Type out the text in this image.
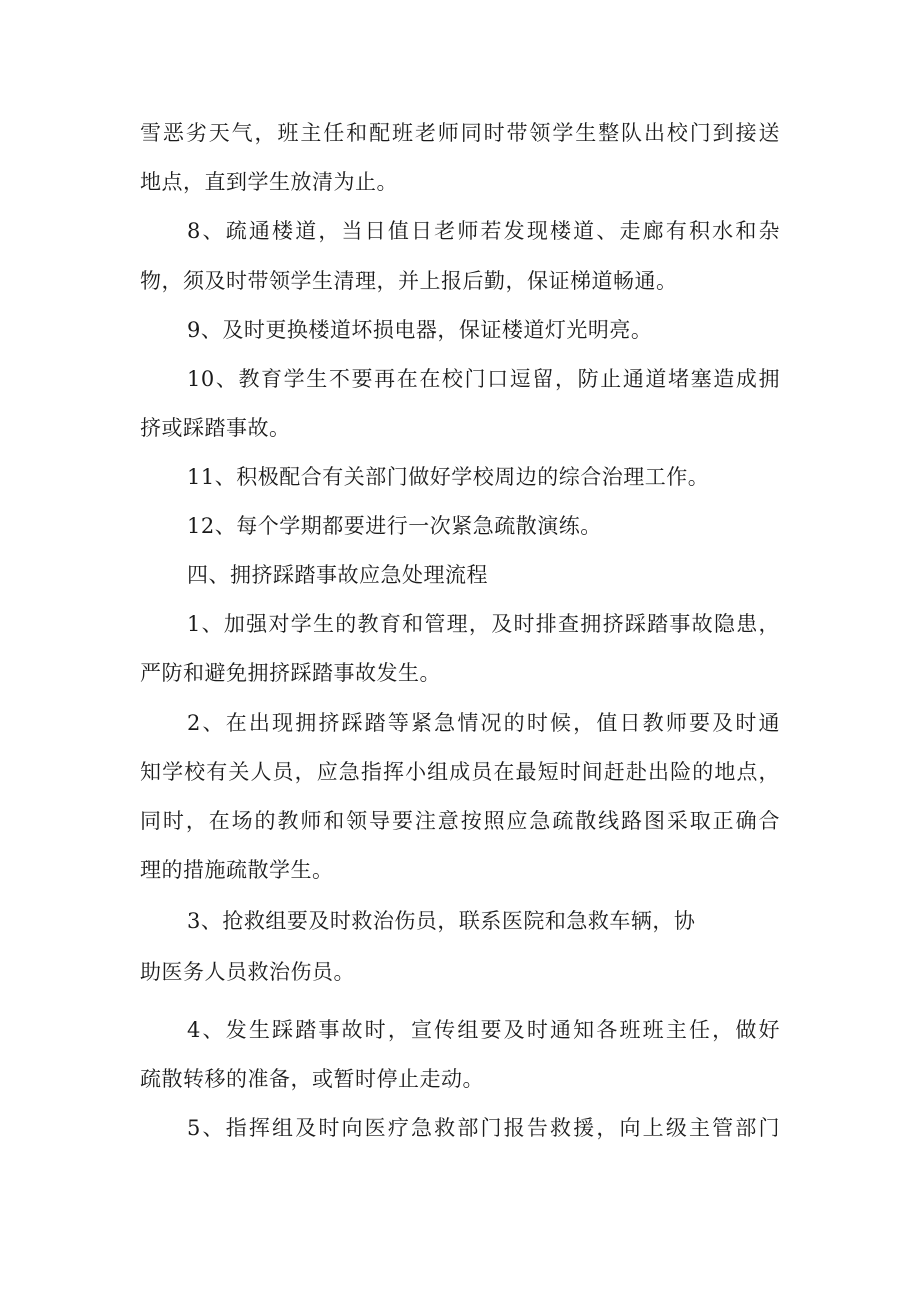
雪恶劣天气，班主任和配班老师同时带领学生整队出校门到接送
地点，直到学生放清为止。
8、疏通楼道，当日值日老师若发现楼道、走廊有积水和杂
物，须及时带领学生清理，并上报后勤，保证梯道畅通。
9、及时更换楼道坏损电器，保证楼道灯光明亮。
10、教育学生不要再在在校门口逗留，防止通道堵塞造成拥
挤或踩踏事故。
11、积极配合有关部门做好学校周边的综合治理工作。
12、每个学期都要进行一次紧急疏散演练。
四、拥挤踩踏事故应急处理流程
1、加强对学生的教育和管理，及时排查拥挤踩踏事故隐患，
严防和避免拥挤踩踏事故发生。
2、在出现拥挤踩踏等紧急情况的时候，值日教师要及时通
知学校有关人员，应急指挥小组成员在最短时间赶赴出险的地点，
同时，在场的教师和领导要注意按照应急疏散线路图采取正确合
理的措施疏散学生。
3、抢救组要及时救治伤员，联系医院和急救车辆，协
助医务人员救治伤员。
4、发生踩踏事故时，宣传组要及时通知各班班主任，做好
疏散转移的准备，或暂时停止走动。
5、指挥组及时向医疗急救部门报告救援，向上级主管部门
